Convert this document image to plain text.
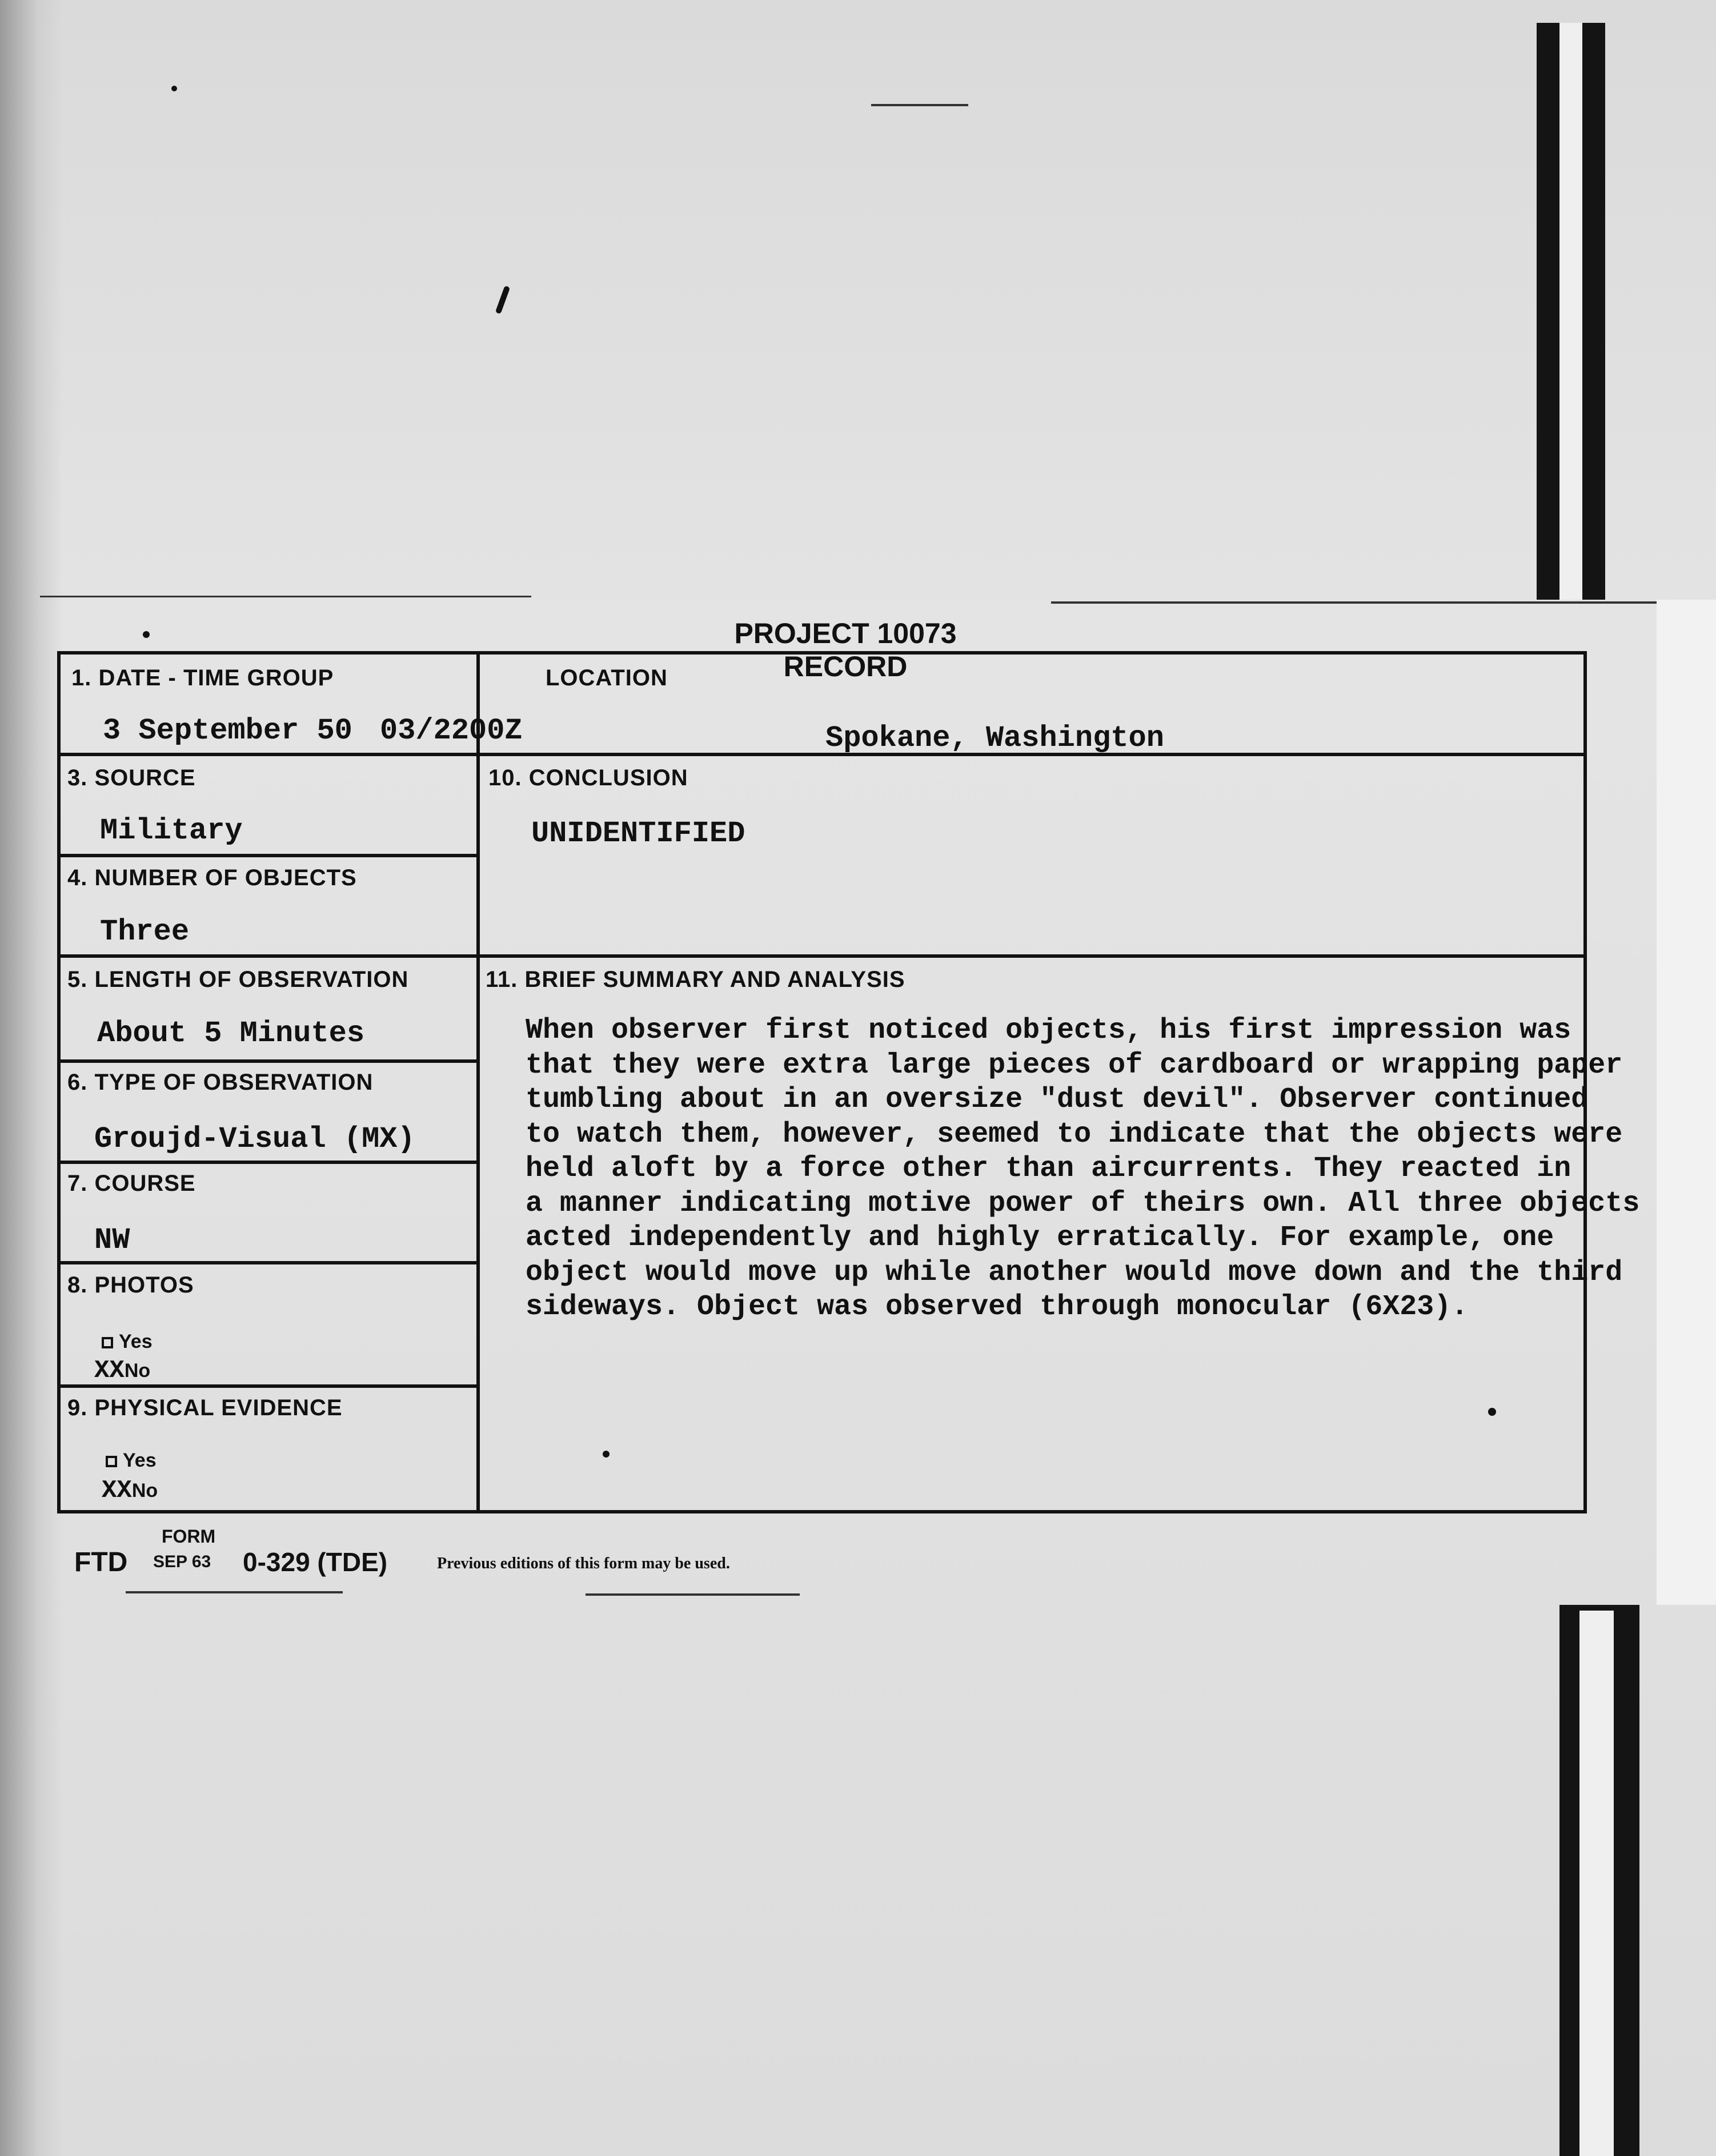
PROJECT 10073 RECORD
1. DATE - TIME GROUP
3 September 50 03/2200Z
LOCATION
Spokane, Washington
3. SOURCE
Military
10. CONCLUSION
UNIDENTIFIED
4. NUMBER OF OBJECTS
Three
5. LENGTH OF OBSERVATION
About 5 Minutes
11. BRIEF SUMMARY AND ANALYSIS
6. TYPE OF OBSERVATION
Groujd-Visual (MX)
7. COURSE
NW
8. PHOTOS
Yes
XXNo
9. PHYSICAL EVIDENCE
Yes
XXNo
When observer first noticed objects, his first impression was
that they were extra large pieces of cardboard or wrapping paper
tumbling about in an oversize "dust devil". Observer continued
to watch them, however, seemed to indicate that the objects were
held aloft by a force other than aircurrents. They reacted in
a manner indicating motive power of theirs own. All three objects
acted independently and highly erratically. For example, one
object would move up while another would move down and the third
sideways. Object was observed through monocular (6X23).
FTD
FORM
SEP 63 0-329 (TDE)	Previous editions of this form may be used.
